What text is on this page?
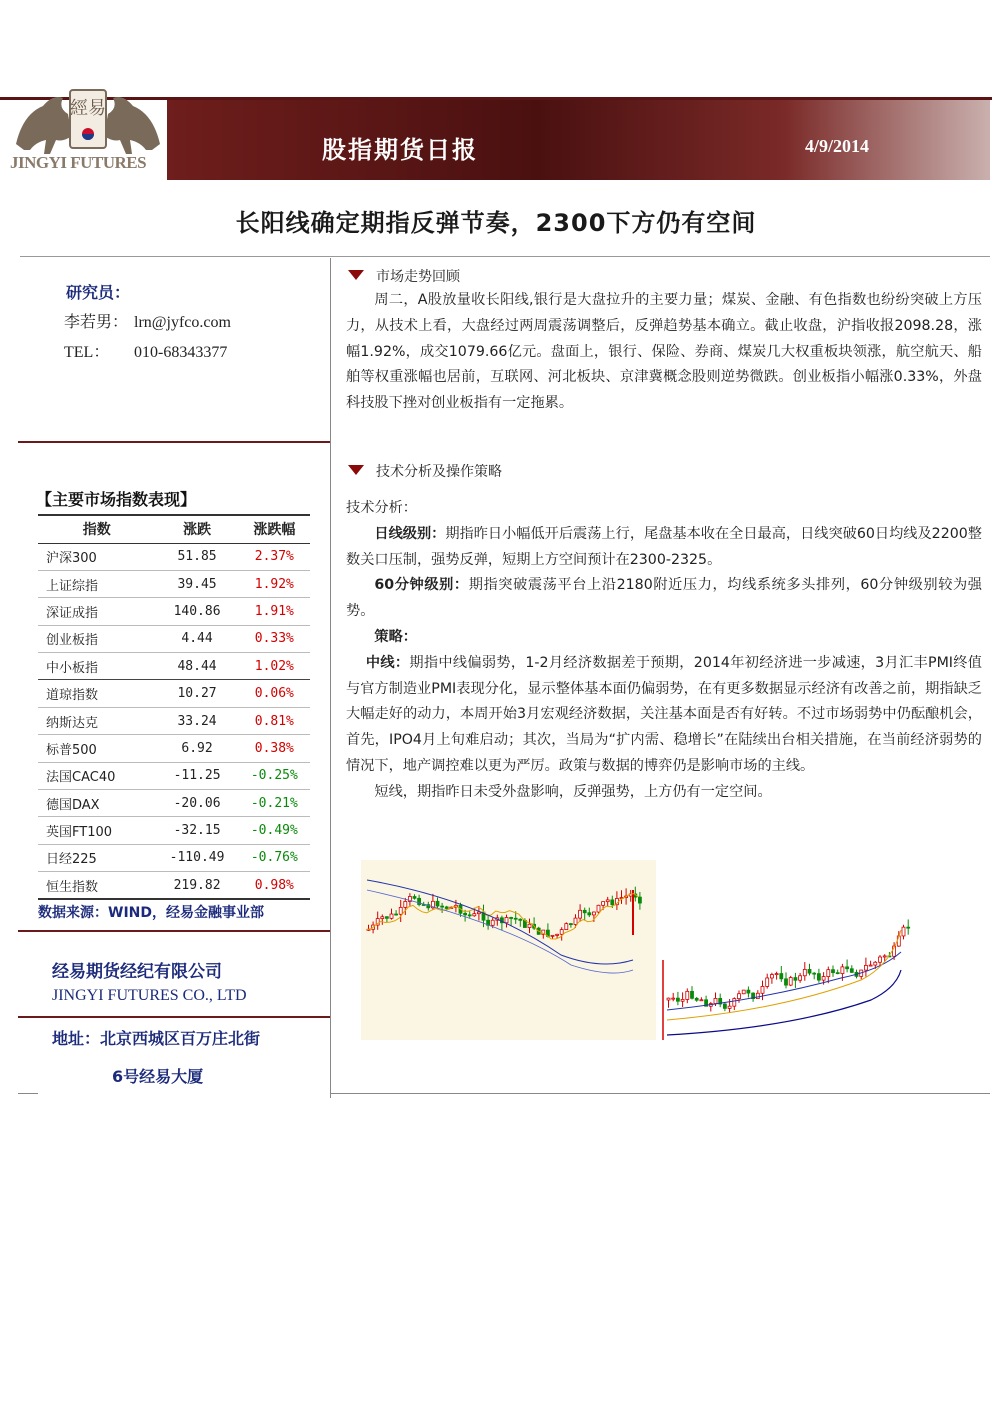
經易
JINGYI FUTURES	股指期货日报	4/9/2014
长阳线确定期指反弹节奏，2300下方仍有空间
研究员：
李若男： lrn@jyfco.com
TEL： 010-68343377
【主要市场指数表现】
指数	涨跌	涨跌幅
沪深300	51.85	2.37%
上证综指	39.45	1.92%
深证成指	140.86	1.91%
创业板指	4.44	0.33%
中小板指	48.44	1.02%
道琼指数	10.27	0.06%
纳斯达克	33.24	0.81%
标普500	6.92	0.38%
法国CAC40	-11.25	-0.25%
德国DAX	-20.06	-0.21%
英国FT100	-32.15	-0.49%
日经225	-110.49	-0.76%
恒生指数	219.82	0.98%
数据来源：WIND，经易金融事业部
经易期货经纪有限公司
JINGYI FUTURES CO., LTD
地址：北京西城区百万庄北街
6号经易大厦
市场走势回顾
周二，A股放量收长阳线,银行是大盘拉升的主要力量；煤炭、金融、有色指数也纷纷突破上方压力，从技术上看，大盘经过两周震荡调整后，反弹趋势基本确立。截止收盘，沪指收报2098.28，涨幅1.92%，成交1079.66亿元。盘面上，银行、保险、券商、煤炭几大权重板块领涨，航空航天、船舶等权重涨幅也居前，互联网、河北板块、京津冀概念股则逆势微跌。创业板指小幅涨0.33%，外盘科技股下挫对创业板指有一定拖累。
技术分析及操作策略
技术分析：
日线级别：期指昨日小幅低开后震荡上行，尾盘基本收在全日最高，日线突破60日均线及2200整数关口压制，强势反弹，短期上方空间预计在2300-2325。
60分钟级别：期指突破震荡平台上沿2180附近压力，均线系统多头排列，60分钟级别较为强势。
策略：
中线：期指中线偏弱势，1-2月经济数据差于预期，2014年初经济进一步减速，3月汇丰PMI终值与官方制造业PMI表现分化，显示整体基本面仍偏弱势，在有更多数据显示经济有改善之前，期指缺乏大幅走好的动力，本周开始3月宏观经济数据，关注基本面是否有好转。不过市场弱势中仍酝酿机会，首先，IPO4月上旬难启动；其次，当局为“扩内需、稳增长”在陆续出台相关措施，在当前经济弱势的情况下，地产调控难以更为严厉。政策与数据的博弈仍是影响市场的主线。
短线，期指昨日未受外盘影响，反弹强势，上方仍有一定空间。
